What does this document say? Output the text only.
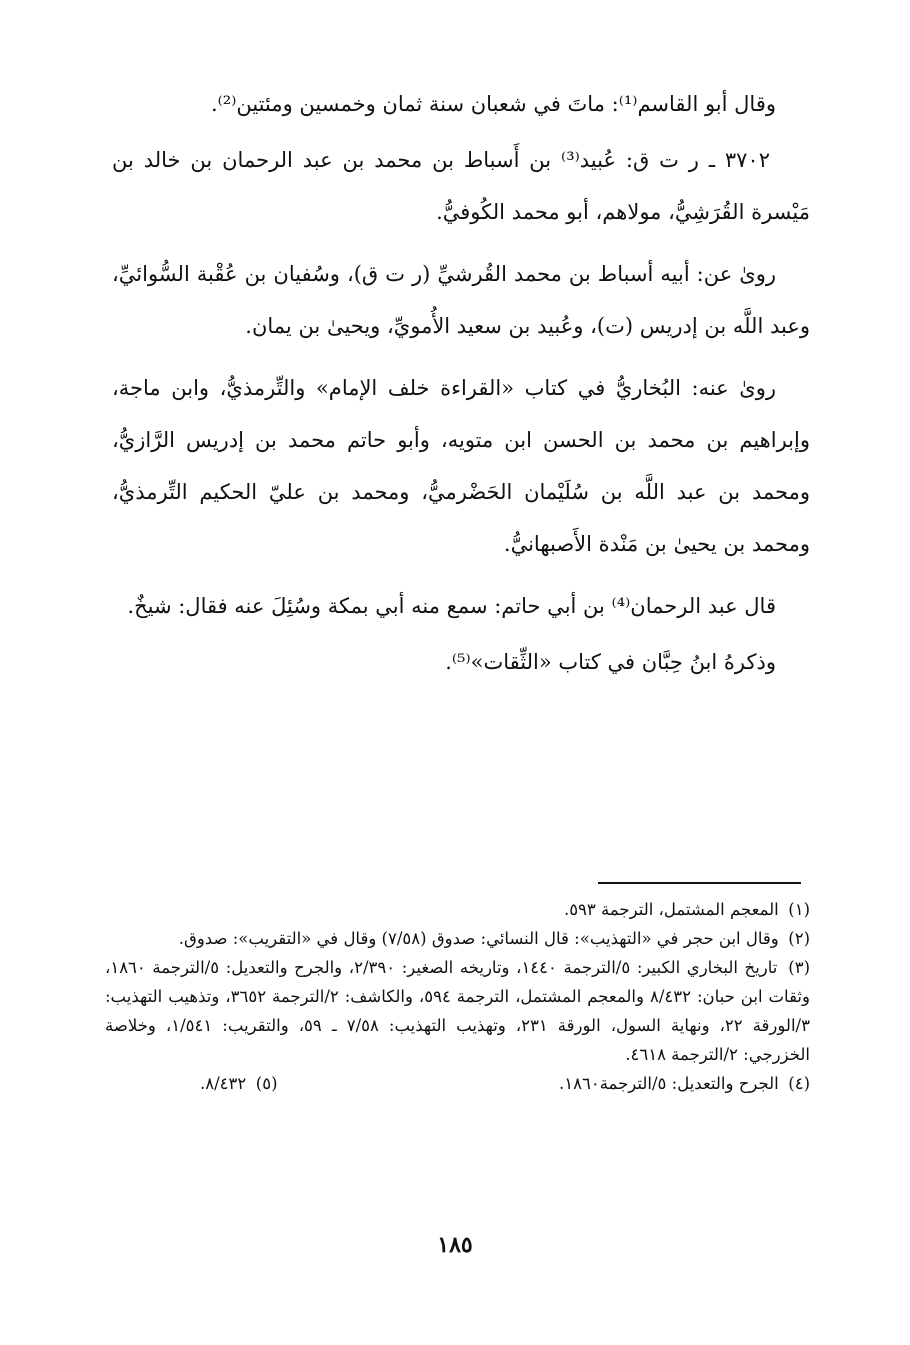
وقال أبو القاسم⁽¹⁾: ماتَ في شعبان سنة ثمان وخمسين ومئتين⁽²⁾.

٣٧٠٢ ـ ر ت ق: عُبيد⁽³⁾ بن أَسباط بن محمد بن عبد الرحمان بن خالد بن مَيْسرة القُرَشِيُّ، مولاهم، أبو محمد الكُوفيُّ.

روىٰ عن: أبيه أسباط بن محمد القُرشيِّ (ر ت ق)، وسُفيان بن عُقْبة السُّوائيِّ، وعبد اللَّه بن إدريس (ت)، وعُبيد بن سعيد الأُمويِّ، ويحيىٰ بن يمان.

روىٰ عنه: البُخاريُّ في كتاب «القراءة خلف الإمام» والتِّرمذيُّ، وابن ماجة، وإبراهيم بن محمد بن الحسن ابن متويه، وأبو حاتم محمد بن إدريس الرَّازيُّ، ومحمد بن عبد اللَّه بن سُلَيْمان الحَضْرميُّ، ومحمد بن عليّ الحكيم التِّرمذيُّ، ومحمد بن يحيىٰ بن مَنْدة الأَصبهانيُّ.

قال عبد الرحمان⁽⁴⁾ بن أبي حاتم: سمع منه أبي بمكة وسُئِلَ عنه فقال: شيخٌ.

وذكرهُ ابنُ حِبَّان في كتاب «الثِّقات»⁽⁵⁾.

(١) المعجم المشتمل، الترجمة ٥٩٣.

(٢) وقال ابن حجر في «التهذيب»: قال النسائي: صدوق (٧/٥٨) وقال في «التقريب»: صدوق.

(٣) تاريخ البخاري الكبير: ٥/الترجمة ١٤٤٠، وتاريخه الصغير: ٢/٣٩٠، والجرح والتعديل: ٥/الترجمة ١٨٦٠، وثقات ابن حبان: ٨/٤٣٢ والمعجم المشتمل، الترجمة ٥٩٤، والكاشف: ٢/الترجمة ٣٦٥٢، وتذهيب التهذيب: ٣/الورقة ٢٢، ونهاية السول، الورقة ٢٣١، وتهذيب التهذيب: ٧/٥٨ ـ ٥٩، والتقريب: ١/٥٤١، وخلاصة الخزرجي: ٢/الترجمة ٤٦١٨.

(٤) الجرح والتعديل: ٥/الترجمة١٨٦٠.

(٥) ٨/٤٣٢.

١٨٥
